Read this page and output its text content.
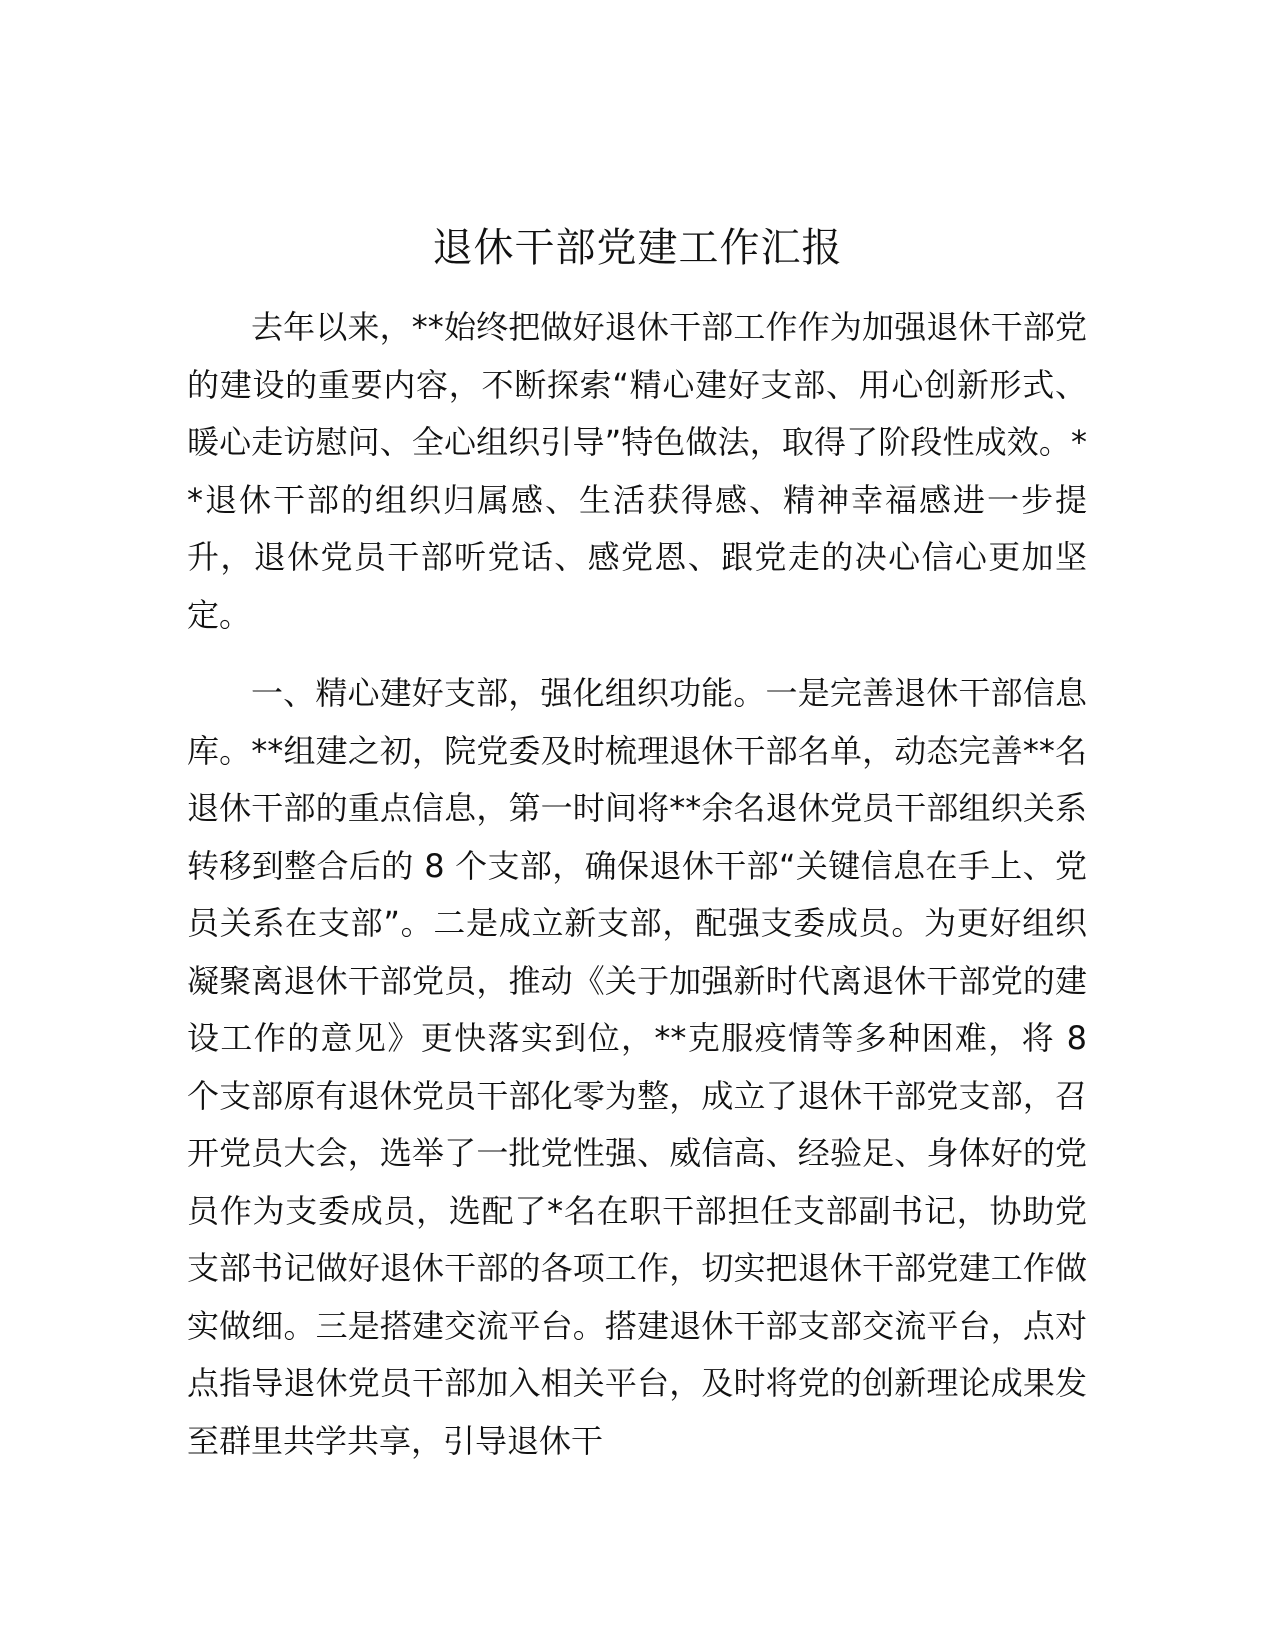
退休干部党建工作汇报

去年以来，**始终把做好退休干部工作作为加强退休干部党的建设的重要内容，不断探索“精心建好支部、用心创新形式、暖心走访慰问、全心组织引导”特色做法，取得了阶段性成效。**退休干部的组织归属感、生活获得感、精神幸福感进一步提升，退休党员干部听党话、感党恩、跟党走的决心信心更加坚定。

一、精心建好支部，强化组织功能。一是完善退休干部信息库。**组建之初，院党委及时梳理退休干部名单，动态完善**名退休干部的重点信息，第一时间将**余名退休党员干部组织关系转移到整合后的 8 个支部，确保退休干部“关键信息在手上、党员关系在支部”。二是成立新支部，配强支委成员。为更好组织凝聚离退休干部党员，推动《关于加强新时代离退休干部党的建设工作的意见》更快落实到位，**克服疫情等多种困难，将 8 个支部原有退休党员干部化零为整，成立了退休干部党支部，召开党员大会，选举了一批党性强、威信高、经验足、身体好的党员作为支委成员，选配了*名在职干部担任支部副书记，协助党支部书记做好退休干部的各项工作，切实把退休干部党建工作做实做细。三是搭建交流平台。搭建退休干部支部交流平台，点对点指导退休党员干部加入相关平台，及时将党的创新理论成果发至群里共学共享，引导退休干
